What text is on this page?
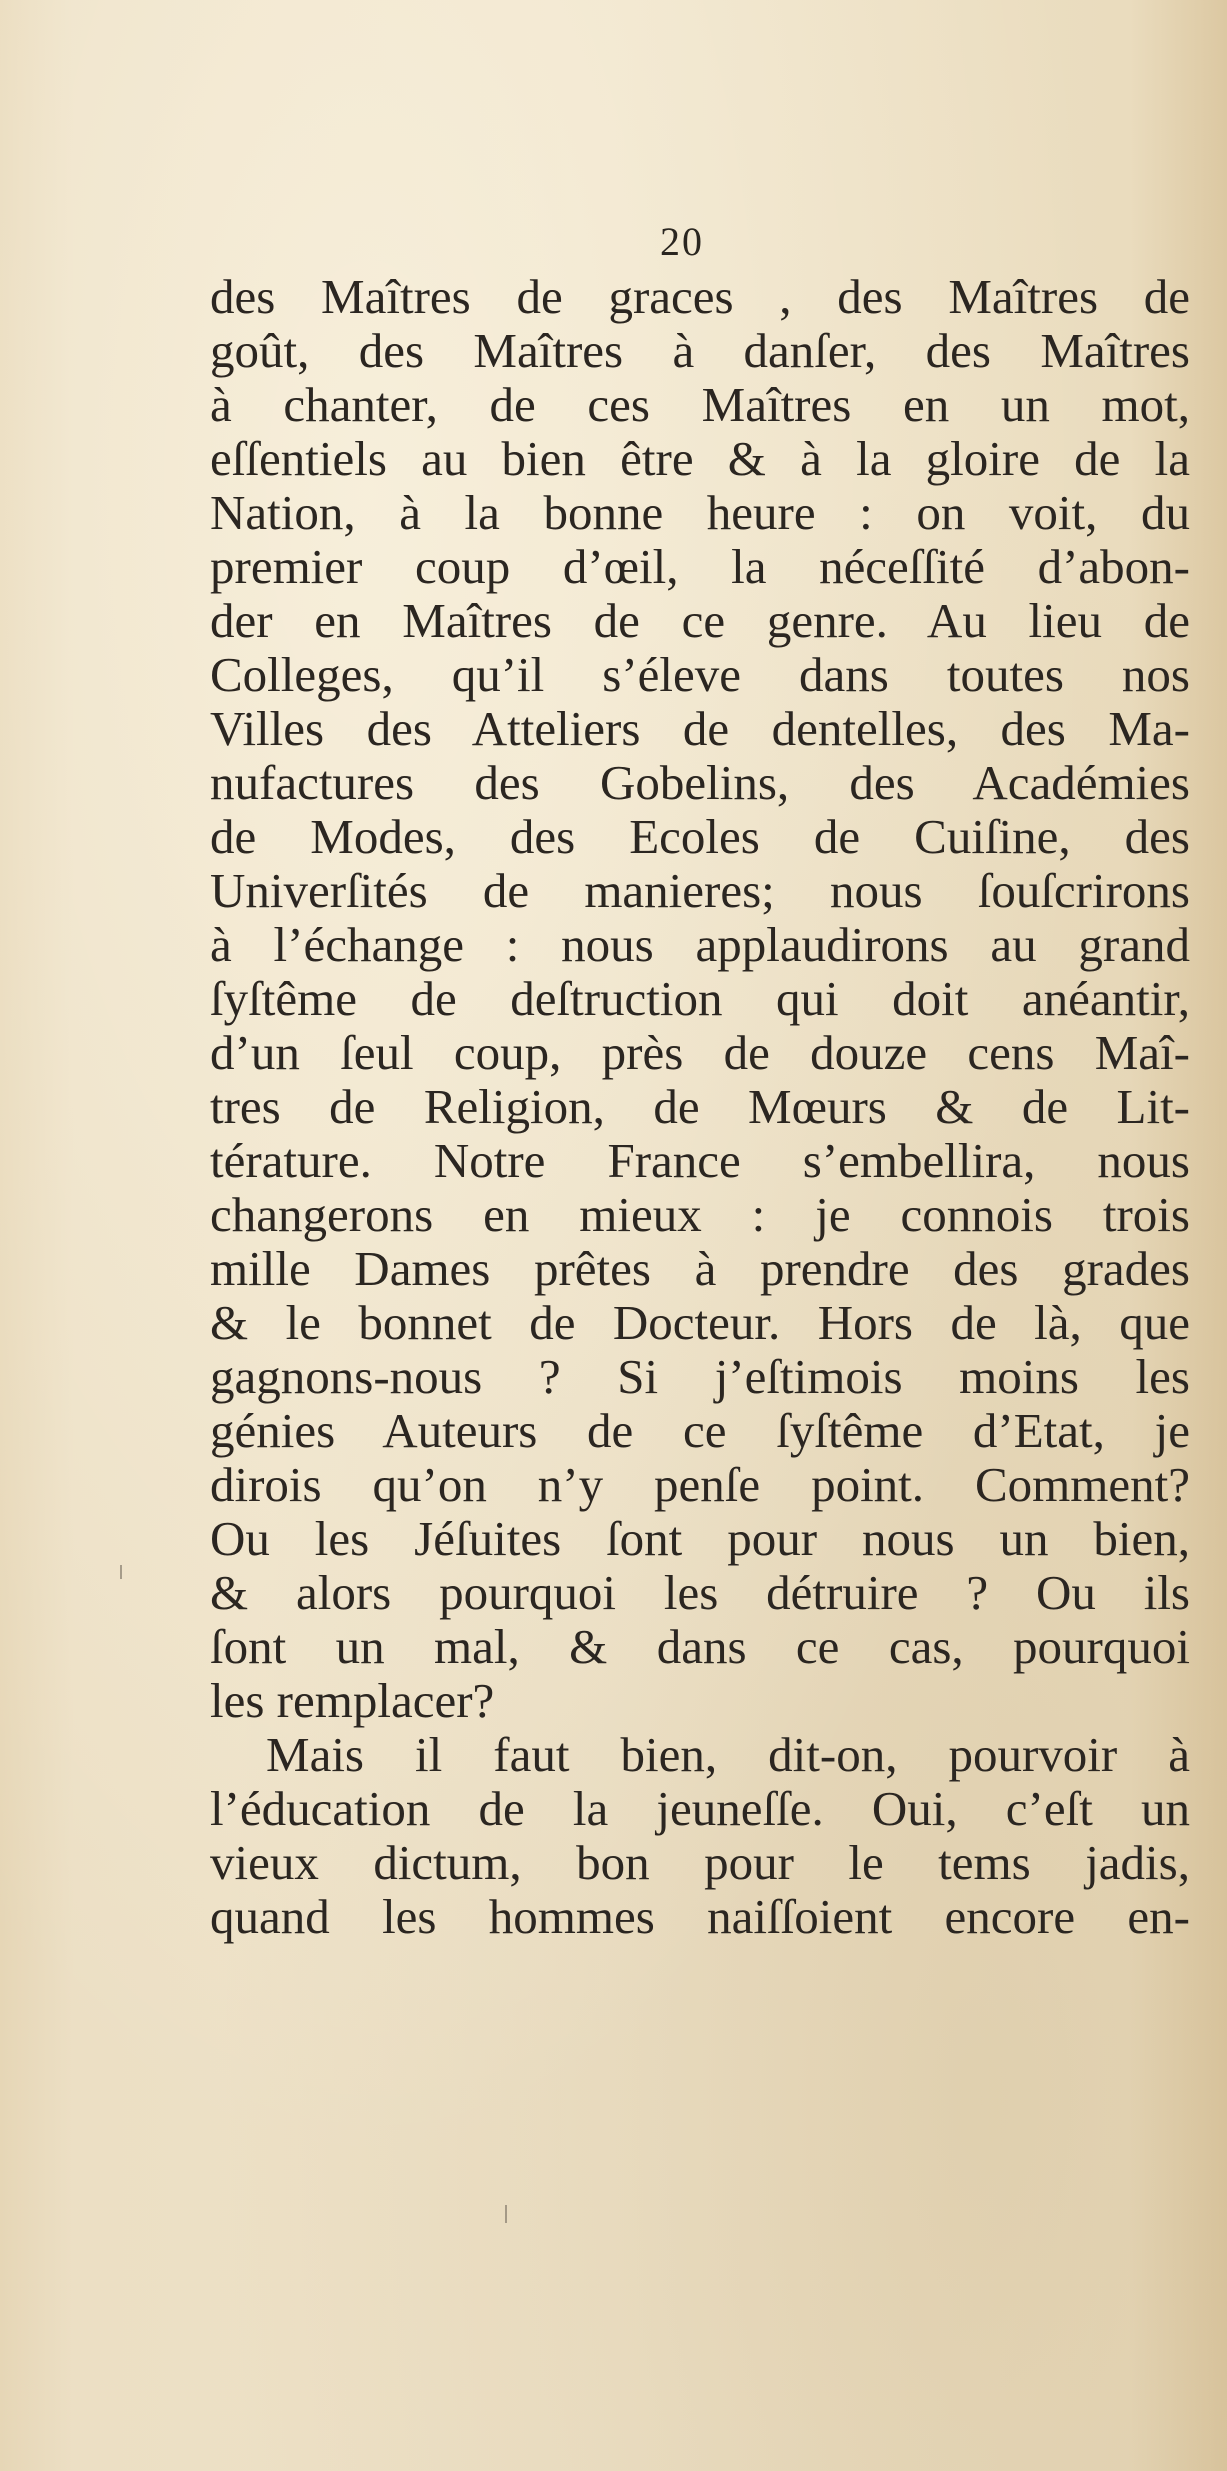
20
des Maîtres de graces , des Maîtres de
goût, des Maîtres à danſer, des Maîtres
à chanter, de ces Maîtres en un mot,
eſſentiels au bien être & à la gloire de la
Nation, à la bonne heure : on voit, du
premier coup d’œil, la néceſſité d’abon-
der en Maîtres de ce genre. Au lieu de
Colleges, qu’il s’éleve dans toutes nos
Villes des Atteliers de dentelles, des Ma-
nufactures des Gobelins, des Académies
de Modes, des Ecoles de Cuiſine, des
Univerſités de manieres; nous ſouſcrirons
à l’échange : nous applaudirons au grand
ſyſtême de deſtruction qui doit anéantir,
d’un ſeul coup, près de douze cens Maî-
tres de Religion, de Mœurs & de Lit-
térature. Notre France s’embellira, nous
changerons en mieux : je connois trois
mille Dames prêtes à prendre des grades
& le bonnet de Docteur. Hors de là, que
gagnons-nous ? Si j’eſtimois moins les
génies Auteurs de ce ſyſtême d’Etat, je
dirois qu’on n’y penſe point. Comment?
Ou les Jéſuites ſont pour nous un bien,
& alors pourquoi les détruire ? Ou ils
ſont un mal, & dans ce cas, pourquoi
les remplacer?
Mais il faut bien, dit-on, pourvoir à
l’éducation de la jeuneſſe. Oui, c’eſt un
vieux dictum, bon pour le tems jadis,
quand les hommes naiſſoient encore en-
